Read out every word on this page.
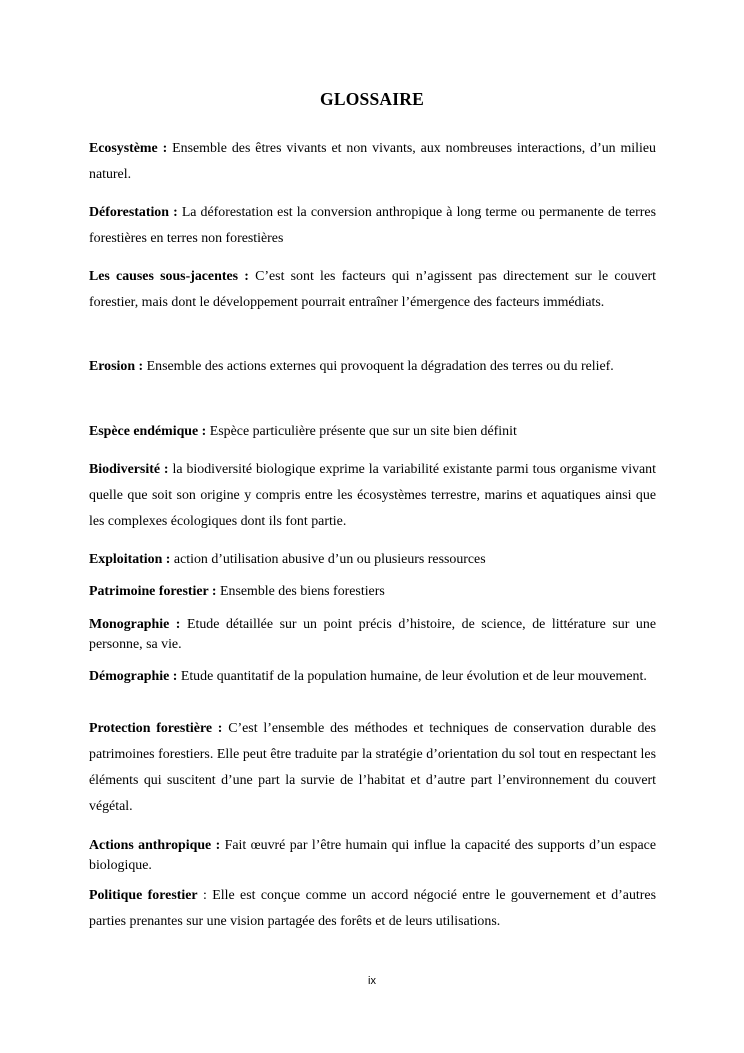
GLOSSAIRE

Ecosystème : Ensemble des êtres vivants et non vivants, aux nombreuses interactions, d’un milieu naturel.

Déforestation : La déforestation est la conversion anthropique à long terme ou permanente de terres forestières en terres non forestières

Les causes sous-jacentes : C’est sont les facteurs qui n’agissent pas directement sur le couvert forestier, mais dont le développement pourrait entraîner l’émergence des facteurs immédiats.

Erosion : Ensemble des actions externes qui provoquent la dégradation des terres ou du relief.

Espèce endémique : Espèce particulière présente que sur un site bien définit

Biodiversité : la biodiversité biologique exprime la variabilité existante parmi tous organisme vivant quelle que soit son origine y compris entre les écosystèmes terrestre, marins et aquatiques ainsi que les complexes écologiques dont ils font partie.

Exploitation : action d’utilisation abusive d’un ou plusieurs ressources

Patrimoine forestier : Ensemble des biens forestiers

Monographie : Etude détaillée sur un point précis d’histoire, de science, de littérature sur une personne, sa vie.

Démographie : Etude quantitatif de la population humaine, de leur évolution et de leur mouvement.

Protection forestière : C’est l’ensemble des méthodes et techniques de conservation durable des patrimoines forestiers. Elle peut être traduite par la stratégie d’orientation du sol tout en respectant les éléments qui suscitent d’une part la survie de l’habitat et d’autre part l’environnement du couvert végétal.

Actions anthropique : Fait œuvré par l’être humain qui influe la capacité des supports d’un espace biologique.

Politique forestier : Elle est conçue comme un accord négocié entre le gouvernement et d’autres parties prenantes sur une vision partagée des forêts et de leurs utilisations.

ix
